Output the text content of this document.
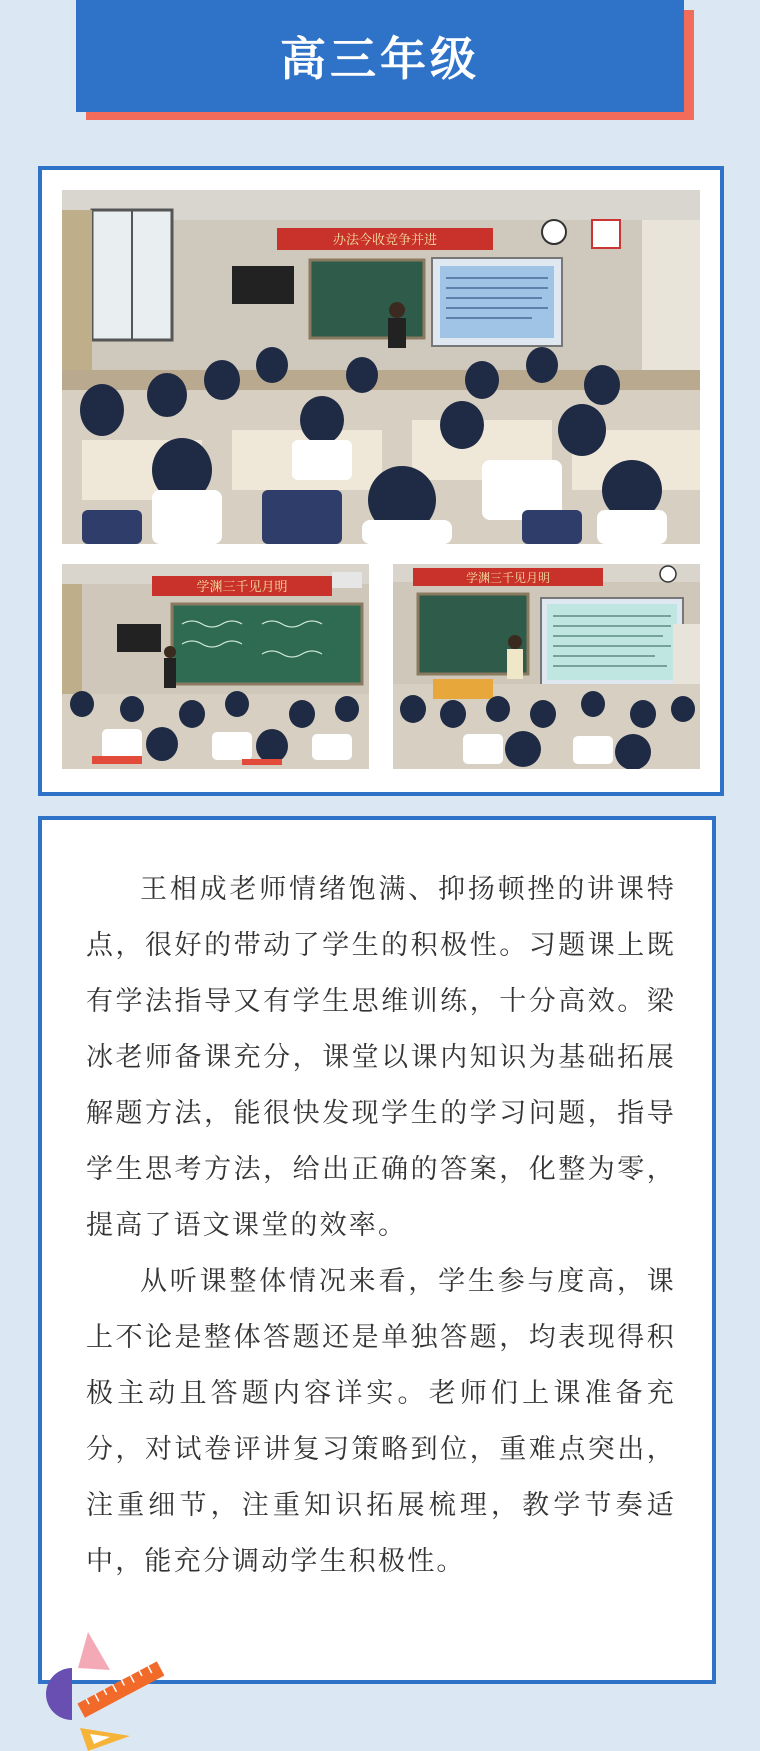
高三年级
办法今收竞争并进
学渊三千见月明
学渊三千见月明

王相成老师情绪饱满、抑扬顿挫的讲课特点，很好的带动了学生的积极性。习题课上既有学法指导又有学生思维训练，十分高效。梁冰老师备课充分，课堂以课内知识为基础拓展解题方法，能很快发现学生的学习问题，指导学生思考方法，给出正确的答案，化整为零，提高了语文课堂的效率。

从听课整体情况来看，学生参与度高，课上不论是整体答题还是单独答题，均表现得积极主动且答题内容详实。老师们上课准备充分，对试卷评讲复习策略到位，重难点突出，注重细节，注重知识拓展梳理，教学节奏适中，能充分调动学生积极性。
